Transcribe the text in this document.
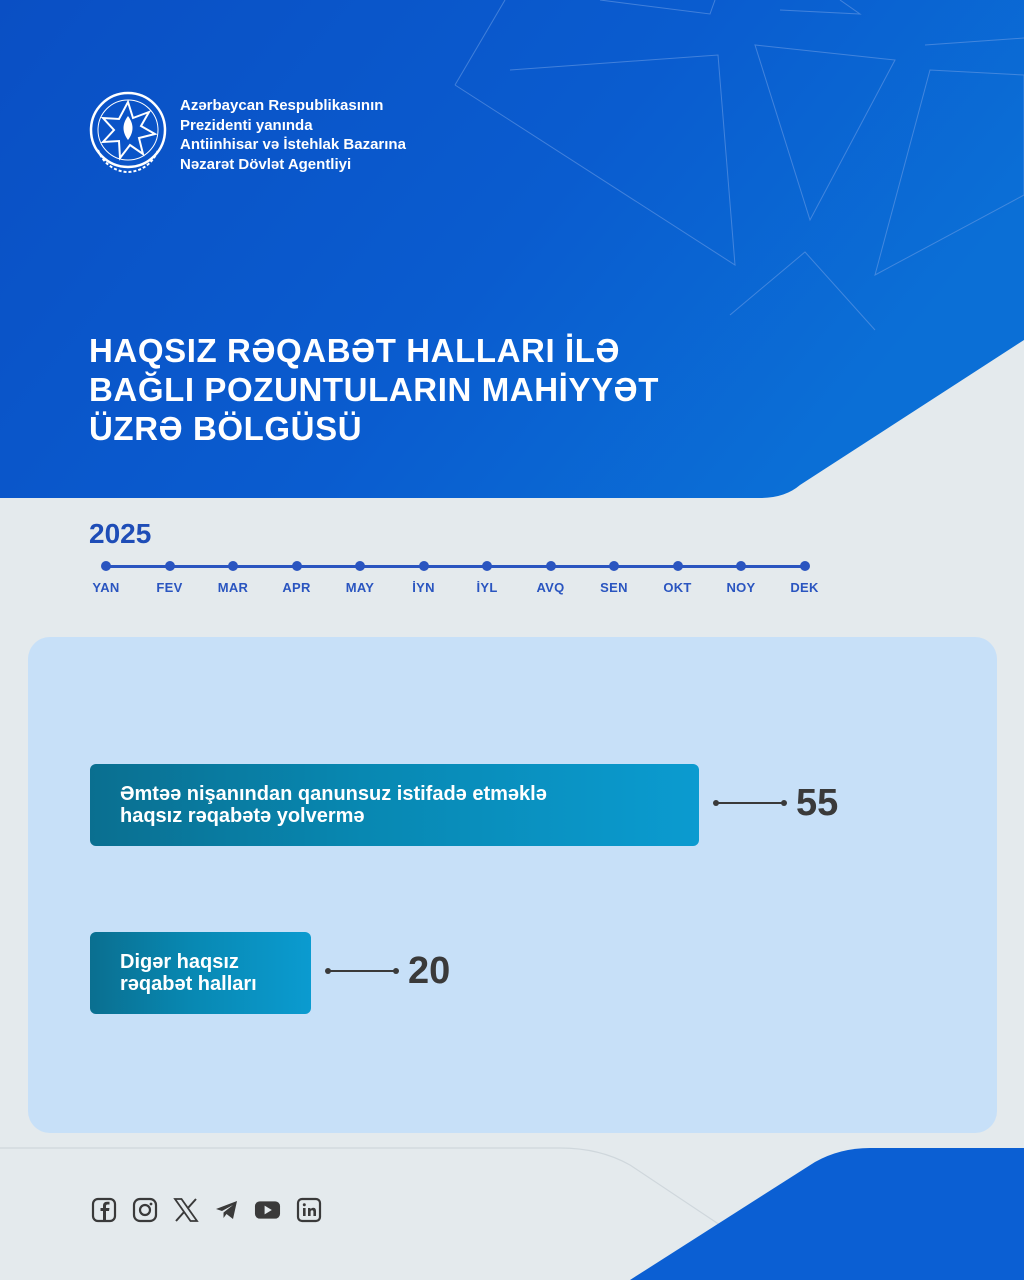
Azərbaycan Respublikasının
Prezidenti yanında
Antiinhisar və İstehlak Bazarına
Nəzarət Dövlət Agentliyi
HAQSIZ RƏQABƏT HALLARI İLƏ
BAĞLI POZUNTULARIN MAHİYYƏT
ÜZRƏ BÖLGÜSÜ
2025
YAN	FEV	MAR	APR	MAY	İYN	İYL	AVQ	SEN	OKT	NOY	DEK
Əmtəə nişanından qanunsuz istifadə etməklə
haqsız rəqabətə yolvermə	55
Digər haqsız rəqabət halları	20
